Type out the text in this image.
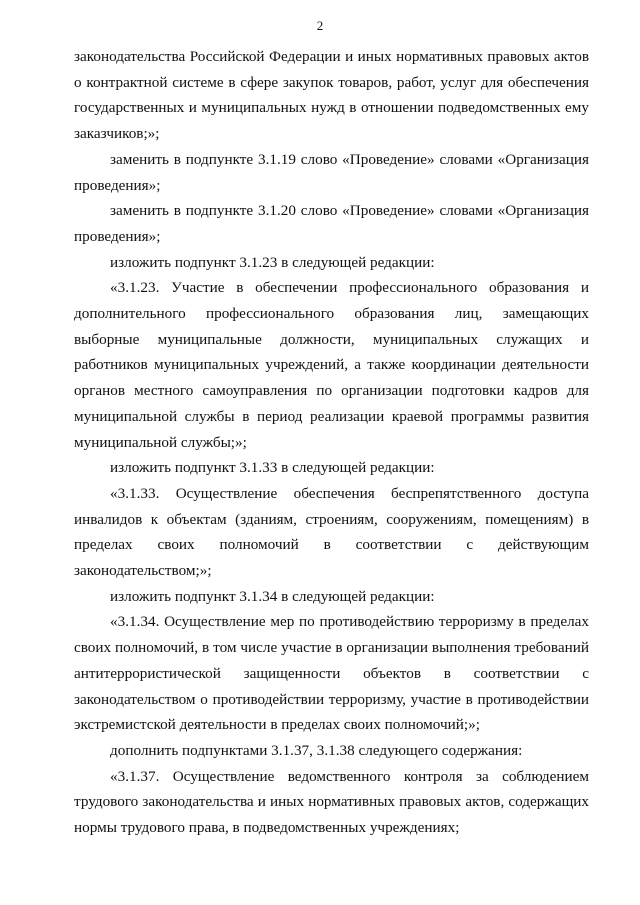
2

законодательства Российской Федерации и иных нормативных правовых актов о контрактной системе в сфере закупок товаров, работ, услуг для обеспечения государственных и муниципальных нужд в отношении подведомственных ему заказчиков;»;

заменить в подпункте 3.1.19 слово «Проведение» словами «Организация проведения»;

заменить в подпункте 3.1.20 слово «Проведение» словами «Организация проведения»;

изложить подпункт 3.1.23 в следующей редакции:

«3.1.23. Участие в обеспечении профессионального образования и дополнительного профессионального образования лиц, замещающих выборные муниципальные должности, муниципальных служащих и работников муниципальных учреждений, а также координации деятельности органов местного самоуправления по организации подготовки кадров для муниципальной службы в период реализации краевой программы развития муниципальной службы;»;

изложить подпункт 3.1.33 в следующей редакции:

«3.1.33. Осуществление обеспечения беспрепятственного доступа инвалидов к объектам (зданиям, строениям, сооружениям, помещениям) в пределах своих полномочий в соответствии с действующим законодательством;»;

изложить подпункт 3.1.34 в следующей редакции:

«3.1.34. Осуществление мер по противодействию терроризму в пределах своих полномочий, в том числе участие в организации выполнения требований антитеррористической защищенности объектов в соответствии с законодательством о противодействии терроризму, участие в противодействии экстремистской деятельности в пределах своих полномочий;»;

дополнить подпунктами 3.1.37, 3.1.38 следующего содержания:

«3.1.37. Осуществление ведомственного контроля за соблюдением трудового законодательства и иных нормативных правовых актов, содержащих нормы трудового права, в подведомственных учреждениях;
